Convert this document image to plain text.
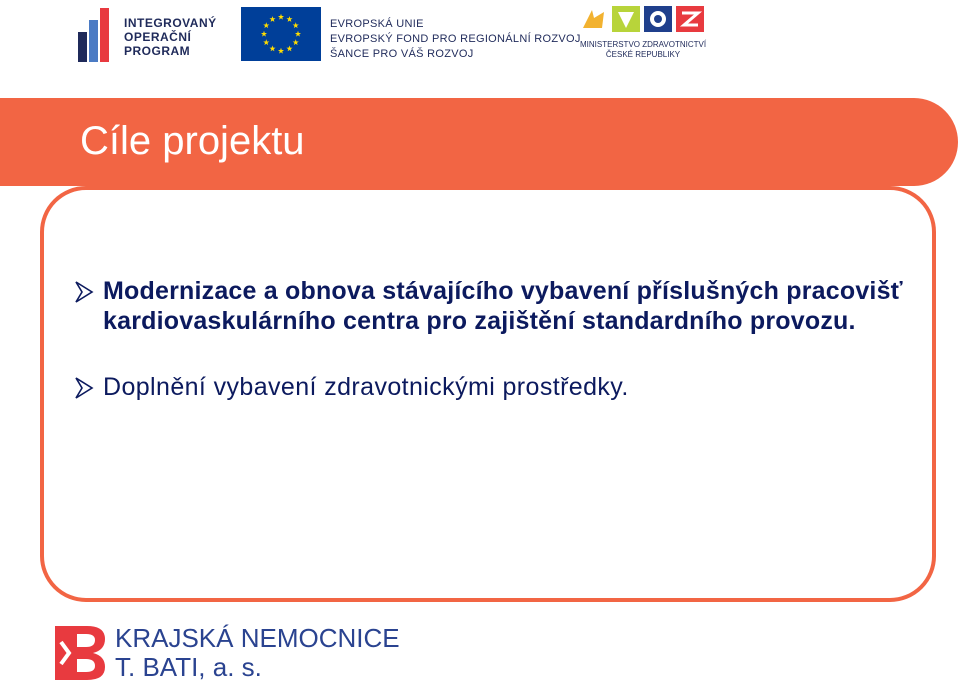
INTEGROVANÝ
OPERAČNÍ
PROGRAM
EVROPSKÁ UNIE
EVROPSKÝ FOND PRO REGIONÁLNÍ ROZVOJ
ŠANCE PRO VÁŠ ROZVOJ
MINISTERSTVO ZDRAVOTNICTVÍ
ČESKÉ REPUBLIKY
Cíle projektu
Modernizace a obnova stávajícího vybavení příslušných pracovišť kardiovaskulárního centra pro zajištění standardního provozu.
Doplnění vybavení zdravotnickými prostředky.
KRAJSKÁ NEMOCNICE
T. BATI, a. s.
